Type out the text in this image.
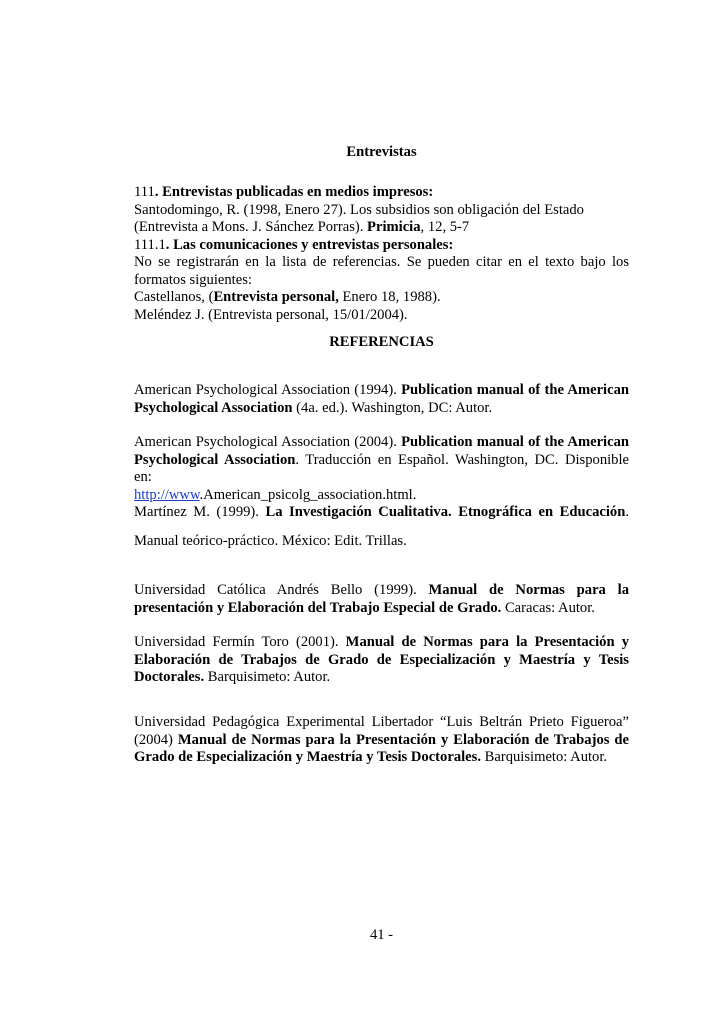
Entrevistas

111. Entrevistas publicadas en medios impresos:
Santodomingo, R. (1998, Enero 27). Los subsidios son obligación del Estado
(Entrevista a Mons. J. Sánchez Porras). Primicia, 12, 5-7
111.1. Las comunicaciones y entrevistas personales:
No se registrarán en la lista de referencias. Se pueden citar en el texto bajo los formatos siguientes:
Castellanos, (Entrevista personal, Enero 18, 1988).
Meléndez J. (Entrevista personal, 15/01/2004).

REFERENCIAS

American Psychological Association (1994). Publication manual of the American
Psychological Association (4a. ed.). Washington, DC: Autor.
American Psychological Association (2004). Publication manual of the American
Psychological Association. Traducción en Español. Washington, DC. Disponible en:
http://www.American_psicolg_association.html.
Martínez M. (1999). La Investigación Cualitativa. Etnográfica en Educación.
Manual teórico-práctico. México: Edit. Trillas.
Universidad Católica Andrés Bello (1999). Manual de Normas para la
presentación y Elaboración del Trabajo Especial de Grado. Caracas: Autor.
Universidad Fermín Toro (2001). Manual de Normas para la Presentación y
Elaboración de Trabajos de Grado de Especialización y Maestría y Tesis
Doctorales. Barquisimeto: Autor.
Universidad Pedagógica Experimental Libertador “Luis Beltrán Prieto Figueroa”
(2004) Manual de Normas para la Presentación y Elaboración de Trabajos de
Grado de Especialización y Maestría y Tesis Doctorales. Barquisimeto: Autor.

41 -
